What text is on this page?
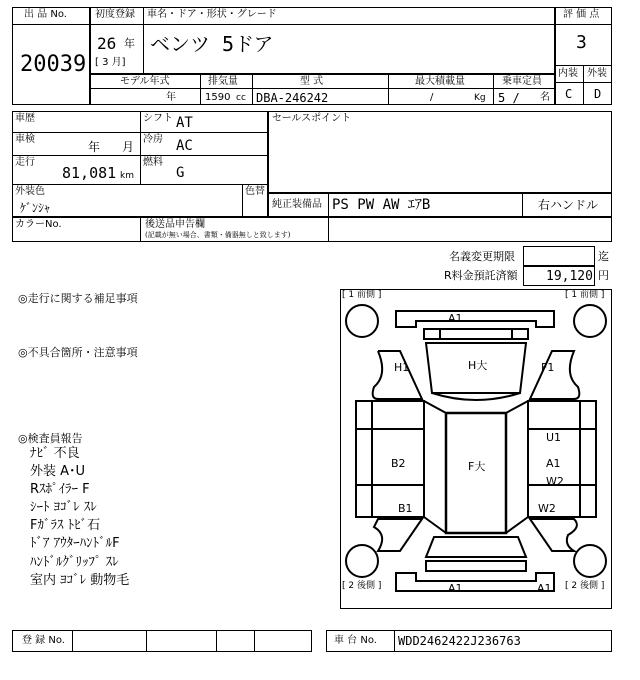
出 品 No.
20039
初度登録 車名・ドア・形状・グレード
26 年
[ 3 月]
ベンツ 5ドア
評 価 点
3
内装 外装
C D
モデル年式	排気量	型 式	最大積載量	乗車定員
年	1590 cc DBA-246242	/	Kg 5 / 名
車歴	シフト AT
車検
年 月
冷房 AC
走行
81,081 km
燃料
G
外装色
ｹﾞﾝｼｬ
色替
セールスポイント
純正装備品 PS PW AW ｴｱB	右ハンドル
カラーNo.	後送品申告欄
(記載が無い場合、書類・備器無しと致します)
名義変更期限	迄
R料金預託済額 19,120 円
◎走行に関する補足事項
◎不具合箇所・注意事項
◎検査員報告
ﾅﾋﾞ 不良
外装 A･U
Rｽﾎﾟｲﾗｰ F
ｼｰﾄ ﾖｺﾞﾚ ｽﾚ
Fｶﾞﾗｽ ﾄﾋﾞ石
ﾄﾞｱ ｱｳﾀｰﾊﾝﾄﾞﾙF
ﾊﾝﾄﾞﾙｸﾞﾘｯﾌﾟ ｽﾚ
室内 ﾖｺﾞﾚ 動物毛
[ 1 前側 ]	[ 1 前側 ]
[ 2 後側 ]	[ 2 後側 ]
A1
H大
H1	F1
U1
B2	F大	A1
W2
B1	W2
A1	A1
登 録 No.	車 台 No. WDD2462422J236763
